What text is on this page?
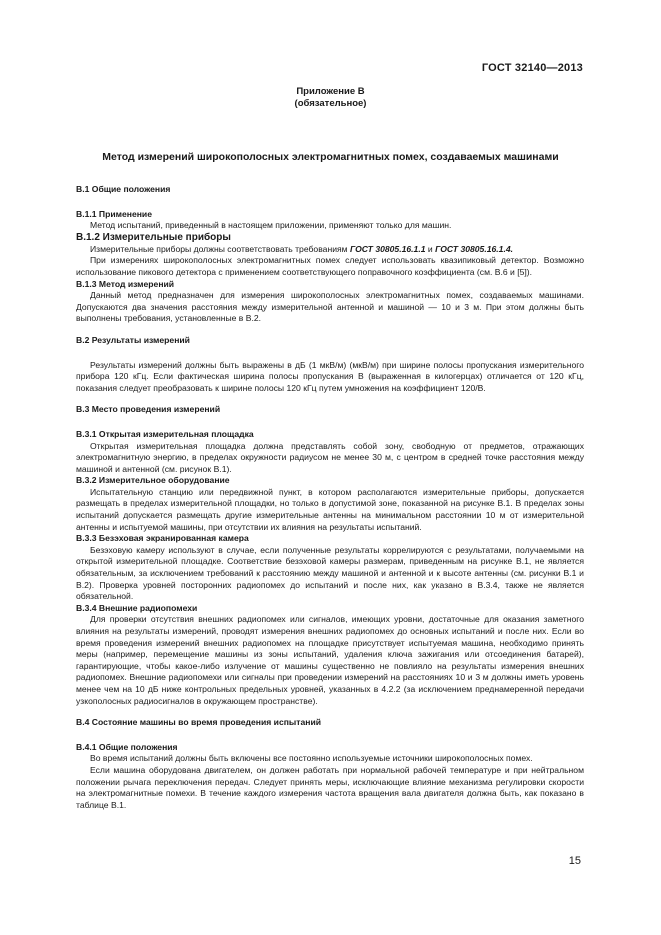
ГОСТ 32140—2013
Приложение В
(обязательное)
Метод измерений широкополосных электромагнитных помех, создаваемых машинами
В.1 Общие положения
В.1.1 Применение

Метод испытаний, приведенный в настоящем приложении, применяют только для машин.

В.1.2 Измерительные приборы

Измерительные приборы должны соответствовать требованиям ГОСТ 30805.16.1.1 и ГОСТ 30805.16.1.4.

При измерениях широкополосных электромагнитных помех следует использовать квазипиковый детектор. Возможно использование пикового детектора с применением соответствующего поправочного коэффициента (см. В.6 и [5]).

В.1.3 Метод измерений

Данный метод предназначен для измерения широкополосных электромагнитных помех, создаваемых машинами. Допускаются два значения расстояния между измерительной антенной и машиной — 10 и 3 м. При этом должны быть выполнены требования, установленные в В.2.

В.2 Результаты измерений

Результаты измерений должны быть выражены в дБ (1 мкВ/м) (мкВ/м) при ширине полосы пропускания измерительного прибора 120 кГц. Если фактическая ширина полосы пропускания В (выраженная в килогерцах) отличается от 120 кГц, показания следует преобразовать к ширине полосы 120 кГц путем умножения на коэффициент 120/B.

В.3 Место проведения измерений
В.3.1 Открытая измерительная площадка

Открытая измерительная площадка должна представлять собой зону, свободную от предметов, отражающих электромагнитную энергию, в пределах окружности радиусом не менее 30 м, с центром в средней точке расстояния между машиной и антенной (см. рисунок В.1).

В.3.2 Измерительное оборудование

Испытательную станцию или передвижной пункт, в котором располагаются измерительные приборы, допускается размещать в пределах измерительной площадки, но только в допустимой зоне, показанной на рисунке В.1. В пределах зоны испытаний допускается размещать другие измерительные антенны на минимальном расстоянии 10 м от измерительной антенны и испытуемой машины, при отсутствии их влияния на результаты испытаний.

В.3.3 Безэховая экранированная камера

Безэховую камеру используют в случае, если полученные результаты коррелируются с результатами, получаемыми на открытой измерительной площадке. Соответствие безэховой камеры размерам, приведенным на рисунке В.1, не является обязательным, за исключением требований к расстоянию между машиной и антенной и к высоте антенны (см. рисунки В.1 и В.2). Проверка уровней посторонних радиопомех до испытаний и после них, как указано в В.3.4, также не является обязательной.

В.3.4 Внешние радиопомехи

Для проверки отсутствия внешних радиопомех или сигналов, имеющих уровни, достаточные для оказания заметного влияния на результаты измерений, проводят измерения внешних радиопомех до основных испытаний и после них. Если во время проведения измерений внешних радиопомех на площадке присутствует испытуемая машина, необходимо принять меры (например, перемещение машины из зоны испытаний, удаления ключа зажигания или отсоединения батарей), гарантирующие, чтобы какое-либо излучение от машины существенно не повлияло на результаты измерения внешних радиопомех. Внешние радиопомехи или сигналы при проведении измерений на расстояниях 10 и 3 м должны иметь уровень менее чем на 10 дБ ниже контрольных предельных уровней, указанных в 4.2.2 (за исключением преднамеренной передачи узкополосных радиосигналов в окружающем пространстве).

В.4 Состояние машины во время проведения испытаний
В.4.1 Общие положения

Во время испытаний должны быть включены все постоянно используемые источники широкополосных помех.

Если машина оборудована двигателем, он должен работать при нормальной рабочей температуре и при нейтральном положении рычага переключения передач. Следует принять меры, исключающие влияние механизма регулировки скорости на электромагнитные помехи. В течение каждого измерения частота вращения вала двигателя должна быть, как показано в таблице В.1.

15
